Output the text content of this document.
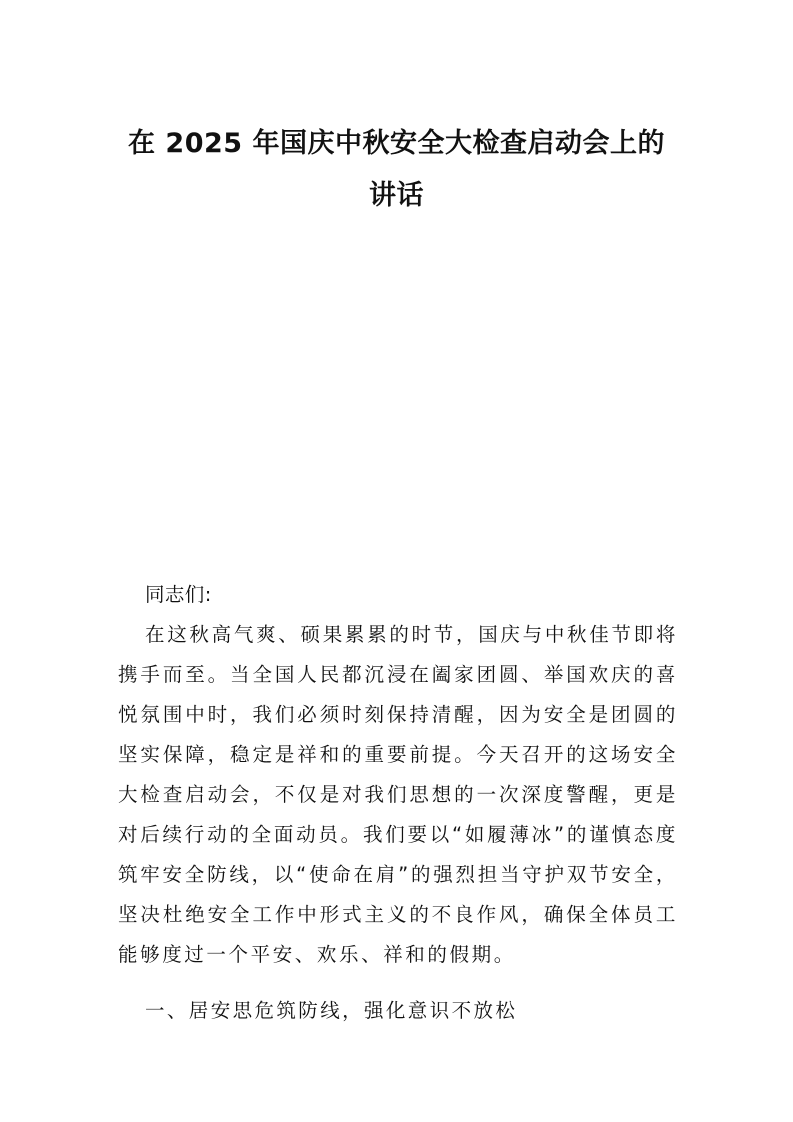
在 2025 年国庆中秋安全大检查启动会上的
讲话
同志们:
在这秋高气爽、硕果累累的时节，国庆与中秋佳节即将携手而至。当全国人民都沉浸在阖家团圆、举国欢庆的喜悦氛围中时，我们必须时刻保持清醒，因为安全是团圆的坚实保障，稳定是祥和的重要前提。今天召开的这场安全大检查启动会，不仅是对我们思想的一次深度警醒，更是对后续行动的全面动员。我们要以“如履薄冰”的谨慎态度筑牢安全防线，以“使命在肩”的强烈担当守护双节安全，坚决杜绝安全工作中形式主义的不良作风，确保全体员工能够度过一个平安、欢乐、祥和的假期。
一、居安思危筑防线，强化意识不放松
